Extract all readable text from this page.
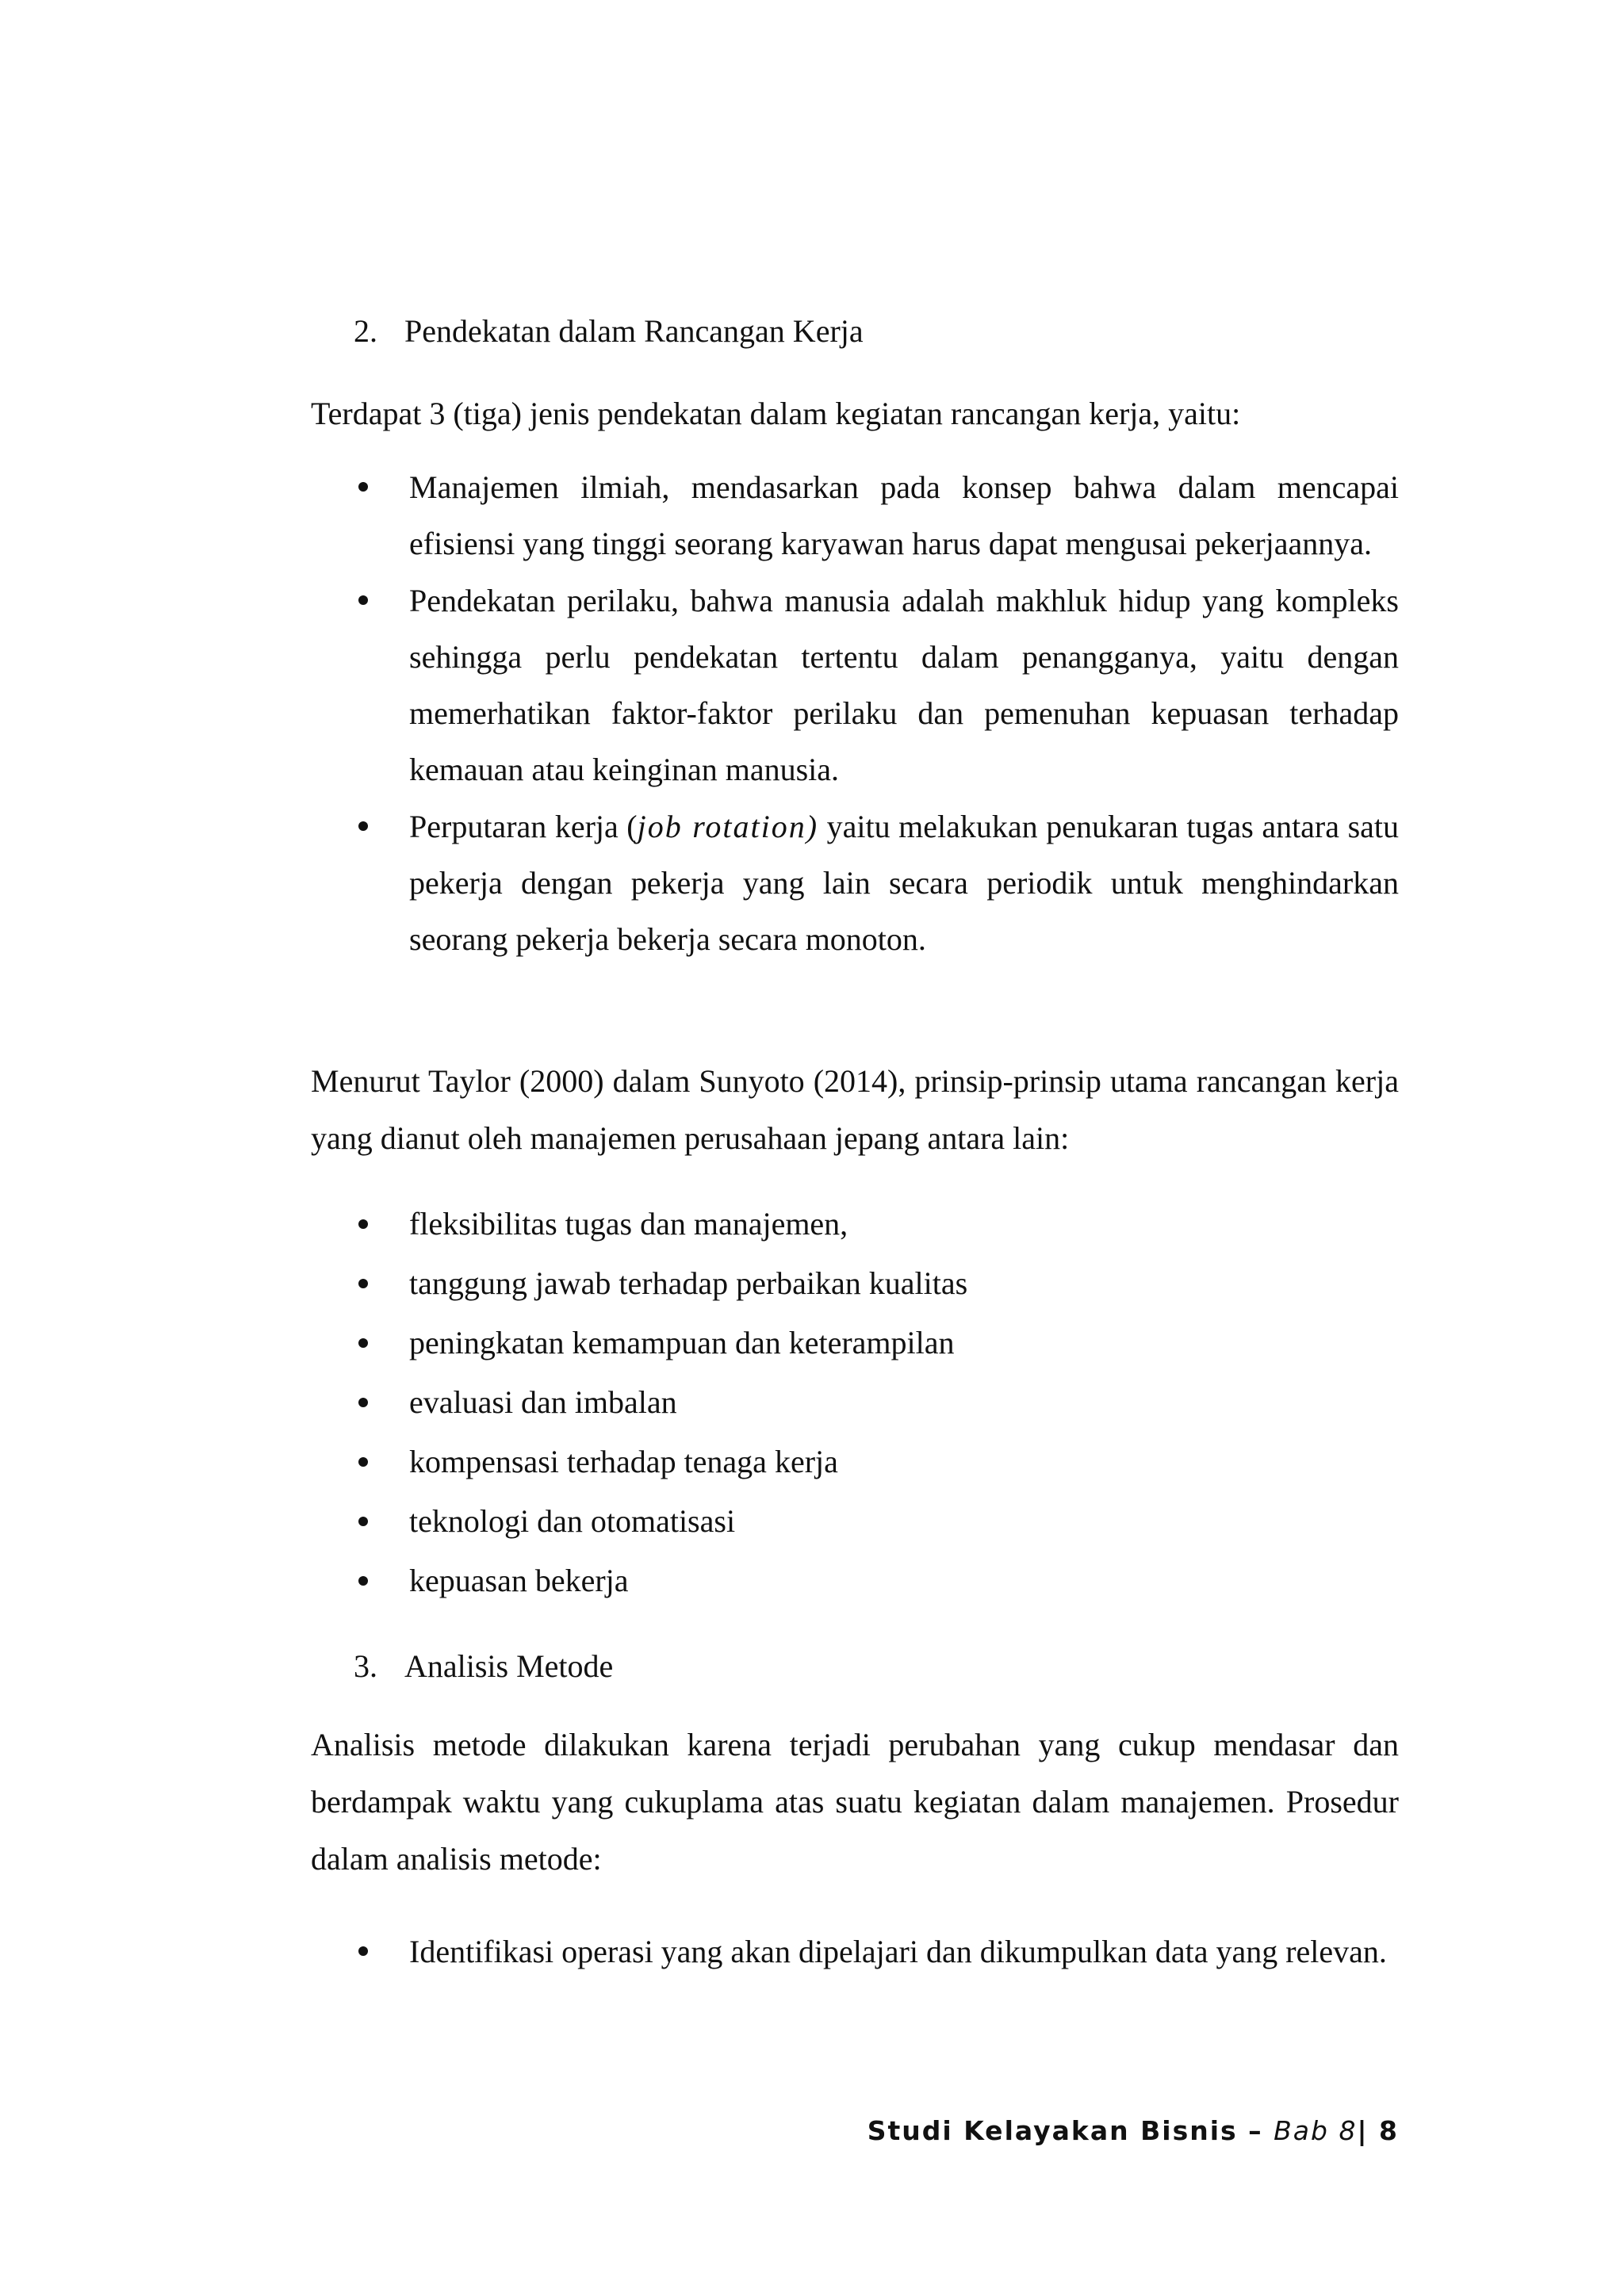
2. Pendekatan dalam Rancangan Kerja

Terdapat 3 (tiga) jenis pendekatan dalam kegiatan rancangan kerja, yaitu:

Manajemen ilmiah, mendasarkan pada konsep bahwa dalam mencapai efisiensi yang tinggi seorang karyawan harus dapat mengusai pekerjaannya.
Pendekatan perilaku, bahwa manusia adalah makhluk hidup yang kompleks sehingga perlu pendekatan tertentu dalam penangganya, yaitu dengan memerhatikan faktor-faktor perilaku dan pemenuhan kepuasan terhadap kemauan atau keinginan manusia.
Perputaran kerja (job rotation) yaitu melakukan penukaran tugas antara satu pekerja dengan pekerja yang lain secara periodik untuk menghindarkan seorang pekerja bekerja secara monoton.

Menurut Taylor (2000) dalam Sunyoto (2014), prinsip-prinsip utama rancangan kerja yang dianut oleh manajemen perusahaan jepang antara lain:

fleksibilitas tugas dan manajemen,
tanggung jawab terhadap perbaikan kualitas
peningkatan kemampuan dan keterampilan
evaluasi dan imbalan
kompensasi terhadap tenaga kerja
teknologi dan otomatisasi
kepuasan bekerja

3. Analisis Metode

Analisis metode dilakukan karena terjadi perubahan yang cukup mendasar dan berdampak waktu yang cukuplama atas suatu kegiatan dalam manajemen. Prosedur dalam analisis metode:

Identifikasi operasi yang akan dipelajari dan dikumpulkan data yang relevan.
Studi Kelayakan Bisnis – Bab 8| 8
